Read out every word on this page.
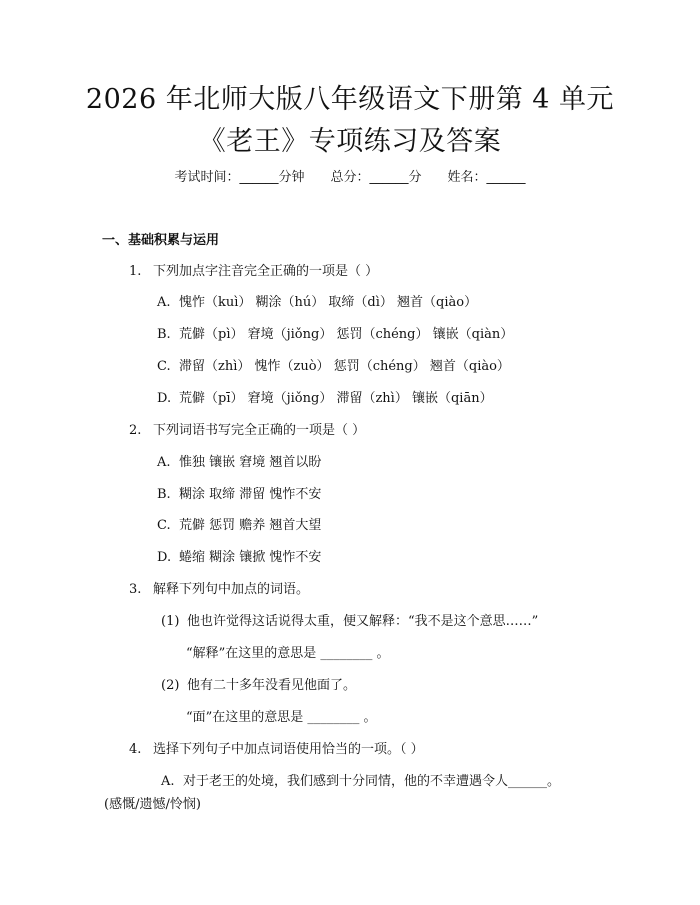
2026 年北师大版八年级语文下册第 4 单元
《老王》专项练习及答案
考试时间：______分钟 总分：______分 姓名：______
一、基础积累与运用
1. 下列加点字注音完全正确的一项是（ ）
A. 愧怍（kuì） 糊涂（hú） 取缔（dì） 翘首（qiào）
B. 荒僻（pì） 窘境（jiǒng） 惩罚（chéng） 镶嵌（qiàn）
C. 滞留（zhì） 愧怍（zuò） 惩罚（chéng） 翘首（qiào）
D. 荒僻（pī） 窘境（jiǒng） 滞留（zhì） 镶嵌（qiān）
2. 下列词语书写完全正确的一项是（ ）
A. 惟独 镶嵌 窘境 翘首以盼
B. 糊涂 取缔 滞留 愧怍不安
C. 荒僻 惩罚 赡养 翘首大望
D. 蜷缩 糊涂 镶掀 愧怍不安
3. 解释下列句中加点的词语。
(1) 他也许觉得这话说得太重，便又解释：“我不是这个意思……”
“解释”在这里的意思是 ________ 。
(2) 他有二十多年没看见他面了。
“面”在这里的意思是 ________ 。
4. 选择下列句子中加点词语使用恰当的一项。（ ）
A. 对于老王的处境，我们感到十分同情，他的不幸遭遇令人______。
(感慨/遗憾/怜悯)
